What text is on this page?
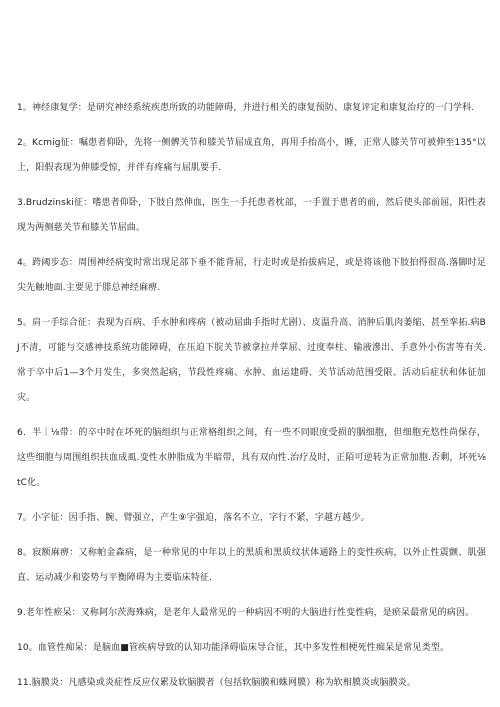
1。神经康复学：是研究神经系统疾患所致的功能障碍，并进行相关的康复预防、康复评定和康复治疗的一门学科.

2。Kcmig征：嘱患者仰卧，先将一侧髀关节和膝关节屈成直角，再用手抬高小，睡，正常人膝关节可被伸至135°以上，阳假表现为伸膝受惊，并伴有疼痛与屈肌要手.

3.Brudzinski征：嗜患者仰卧，下肢自然伸血，医生一手托患者枕部，一手置于患者的前，然后使头部前屈，阳性表现为两侧慈关节和膝关节屈曲。

4。跨阈步态：周围神经病变时常出现足部下垂不能背屈，行走时或是抬拔病足，或是将该他下肢拍得很高.落脚时足尖先触地面.主要见于腓总神经麻痹.

5。肩一手综合征：表现为百病、手水肿和疼病（被动屈曲手指时尤剧）、皮温升高、消肿后肌肉萎缩、甚至挛拓.病BJ不清，可能与交感神技系统功能障碍，在压迫下脘关节被拿拉并掌屈、过度奉柱、输液滲出、手意外小伤害等有关.常于卒中后1—3个月发生，多突然起病，节段性疼痛、水肿、血运建碍、关节活动范围受限、活动后症状和体征加灾。

6．半｜⅛带：的卒中时在坏死的脑组织与正常格组织之间，有一些不同眼度受损的胭细胞，但细胞充悠性尚保存，这些细胞与周围组织扶血成虱.变性水肿脂成为半暗带，具有双向性.治疗及时，正陌可逆转为正常加胞.否剩，坏死⅛tC化。

7。小字征：因手指、腕、臂强立，产生⑨字强迫，落名不立，字行不紧，字越方越少。

8。寂额麻痹：又称帕金森病，是一种常见的中年以上的黑质和黑质纹状体通路上的变性疾病，以外止性震颤、肌强直、运动减少和姿势与平衡障碍为主要临床特征.

9.老年性瘀呆：又称阿尔茨海殊病，是老年人最常见的一种病因不明的大脑进行性变性病，是瘀呆最常见的病因。

10。血管性痴呆：是脑血■管疾病导致的认知功能泽碍临床导合征，其中多发性相梗死性痴呆是常见类型。

11.脑膜炎：凡感染或炎症性反应仅累及软脑膜者（包括软脑膜和蛛网膜）称为软相膜炎或脑膜炎。
